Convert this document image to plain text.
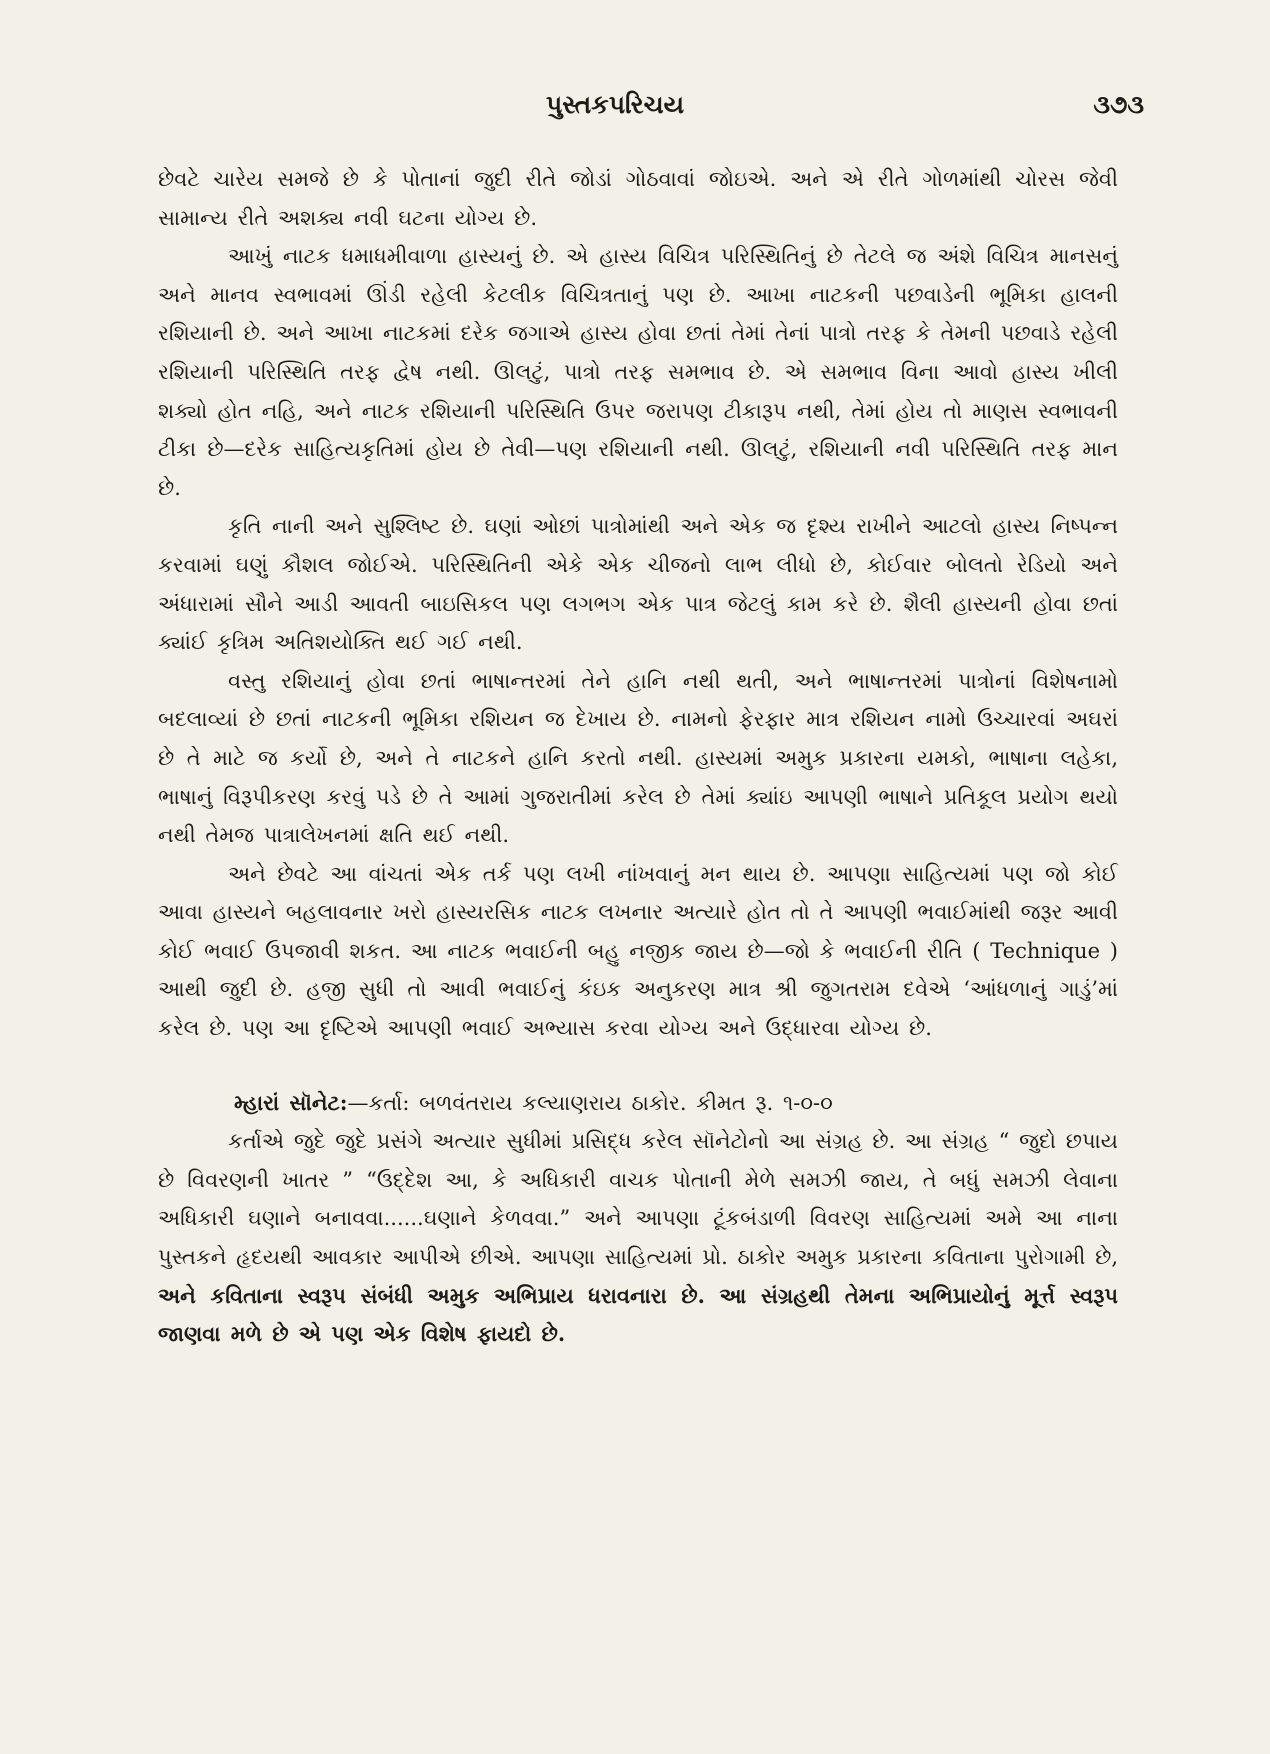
પુસ્તકપરિચય	૩૭૩

છેવટે ચારેય સમજે છે કે પોતાનાં જુદી રીતે જોડાં ગોઠવાવાં જોઇએ. અને એ રીતે ગોળમાંથી ચોરસ જેવી સામાન્ય રીતે અશક્ય નવી ઘટના યોગ્ય છે.

આખું નાટક ધમાધમીવાળા હાસ્યનું છે. એ હાસ્ય વિચિત્ર પરિસ્થિતિનું છે તેટલે જ અંશે વિચિત્ર માનસનું અને માનવ સ્વભાવમાં ઊંડી રહેલી કેટલીક વિચિત્રતાનું પણ છે. આખા નાટકની પછવાડેની ભૂમિકા હાલની રશિયાની છે. અને આખા નાટકમાં દરેક જગાએ હાસ્ય હોવા છતાં તેમાં તેનાં પાત્રો તરફ કે તેમની પછવાડે રહેલી રશિયાની પરિસ્થિતિ તરફ દ્વેષ નથી. ઊલટું, પાત્રો તરફ સમભાવ છે. એ સમભાવ વિના આવો હાસ્ય ખીલી શક્યો હોત નહિ, અને નાટક રશિયાની પરિસ્થિતિ ઉપર જરાપણ ટીકારૂપ નથી, તેમાં હોય તો માણસ સ્વભાવની ટીકા છે—દરેક સાહિત્યકૃતિમાં હોય છે તેવી—પણ રશિયાની નથી. ઊલટું, રશિયાની નવી પરિસ્થિતિ તરફ માન છે.

કૃતિ નાની અને સુશ્લિષ્ટ છે. ઘણાં ઓછાં પાત્રોમાંથી અને એક જ દૃશ્ય રાખીને આટલો હાસ્ય નિષ્પન્ન કરવામાં ઘણું કૌશલ જોઈએ. પરિસ્થિતિની એકે એક ચીજનો લાભ લીધો છે, કોઈવાર બોલતો રેડિયો અને અંધારામાં સૌને આડી આવતી બાઇસિકલ પણ લગભગ એક પાત્ર જેટલું કામ કરે છે. શૈલી હાસ્યની હોવા છતાં ક્યાંઈ કૃત્રિમ અતિશયોક્તિ થઈ ગઈ નથી.

વસ્તુ રશિયાનું હોવા છતાં ભાષાન્તરમાં તેને હાનિ નથી થતી, અને ભાષાન્તરમાં પાત્રોનાં વિશેષનામો બદલાવ્યાં છે છતાં નાટકની ભૂમિકા રશિયન જ દેખાય છે. નામનો ફેરફાર માત્ર રશિયન નામો ઉચ્ચારવાં અઘરાં છે તે માટે જ કર્યો છે, અને તે નાટકને હાનિ કરતો નથી. હાસ્યમાં અમુક પ્રકારના યમકો, ભાષાના લહેકા, ભાષાનું વિરૂપીકરણ કરવું પડે છે તે આમાં ગુજરાતીમાં કરેલ છે તેમાં ક્યાંઇ આપણી ભાષાને પ્રતિકૂલ પ્રયોગ થયો નથી તેમજ પાત્રાલેખનમાં ક્ષતિ થઈ નથી.

અને છેવટે આ વાંચતાં એક તર્ક પણ લખી નાંખવાનું મન થાય છે. આપણા સાહિત્યમાં પણ જો કોઈ આવા હાસ્યને બહલાવનાર ખરો હાસ્યરસિક નાટક લખનાર અત્યારે હોત તો તે આપણી ભવાઈમાંથી જરૂર આવી કોઈ ભવાઈ ઉપજાવી શકત. આ નાટક ભવાઈની બહુ નજીક જાય છે—જો કે ભવાઈની રીતિ ( Technique ) આથી જુદી છે. હજી સુધી તો આવી ભવાઈનું કંઇક અનુકરણ માત્ર શ્રી જુગતરામ દવેએ ‘આંધળાનું ગાડું’માં કરેલ છે. પણ આ દૃષ્ટિએ આપણી ભવાઈ અભ્યાસ કરવા યોગ્ય અને ઉદ્ધારવા યોગ્ય છે.

મ્હારાં સૉનેટ:—કર્તા: બળવંતરાય કલ્યાણરાય ઠાકોર. કીમત રૂ. ૧-૦-૦

કર્તાએ જુદે જુદે પ્રસંગે અત્યાર સુધીમાં પ્રસિદ્ધ કરેલ સૉનેટોનો આ સંગ્રહ છે. આ સંગ્રહ “ જુદો છપાય છે વિવરણની ખાતર ” “ઉદ્દેશ આ, કે અધિકારી વાચક પોતાની મેળે સમઝી જાય, તે બધું સમઝી લેવાના અધિકારી ઘણાને બનાવવા......ઘણાને કેળવવા.” અને આપણા ટૂંકબંડાળી વિવરણ સાહિત્યમાં અમે આ નાના પુસ્તકને હૃદયથી આવકાર આપીએ છીએ. આપણા સાહિત્યમાં પ્રો. ઠાકોર અમુક પ્રકારના કવિતાના પુરોગામી છે, અને કવિતાના સ્વરૂપ સંબંધી અમુક અભિપ્રાય ધરાવનારા છે. આ સંગ્રહથી તેમના અભિપ્રાયોનું મૂર્ત્ત સ્વરૂપ જાણવા મળે છે એ પણ એક વિશેષ ફાયદો છે.
